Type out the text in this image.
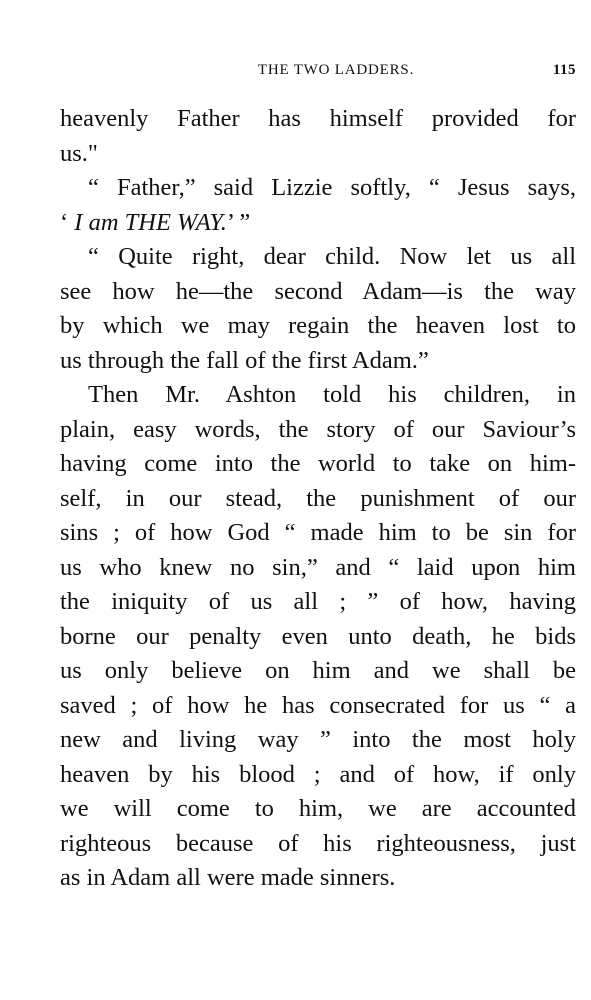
THE TWO LADDERS.	115
heavenly Father has himself provided for
us."
“ Father,” said Lizzie softly, “ Jesus says,
‘ I am THE WAY.’ ”
“ Quite right, dear child. Now let us all
see how he—the second Adam—is the way
by which we may regain the heaven lost to
us through the fall of the first Adam.”
Then Mr. Ashton told his children, in
plain, easy words, the story of our Saviour’s
having come into the world to take on him-
self, in our stead, the punishment of our
sins ; of how God “ made him to be sin for
us who knew no sin,” and “ laid upon him
the iniquity of us all ; ” of how, having
borne our penalty even unto death, he bids
us only believe on him and we shall be
saved ; of how he has consecrated for us “ a
new and living way ” into the most holy
heaven by his blood ; and of how, if only
we will come to him, we are accounted
righteous because of his righteousness, just
as in Adam all were made sinners.
